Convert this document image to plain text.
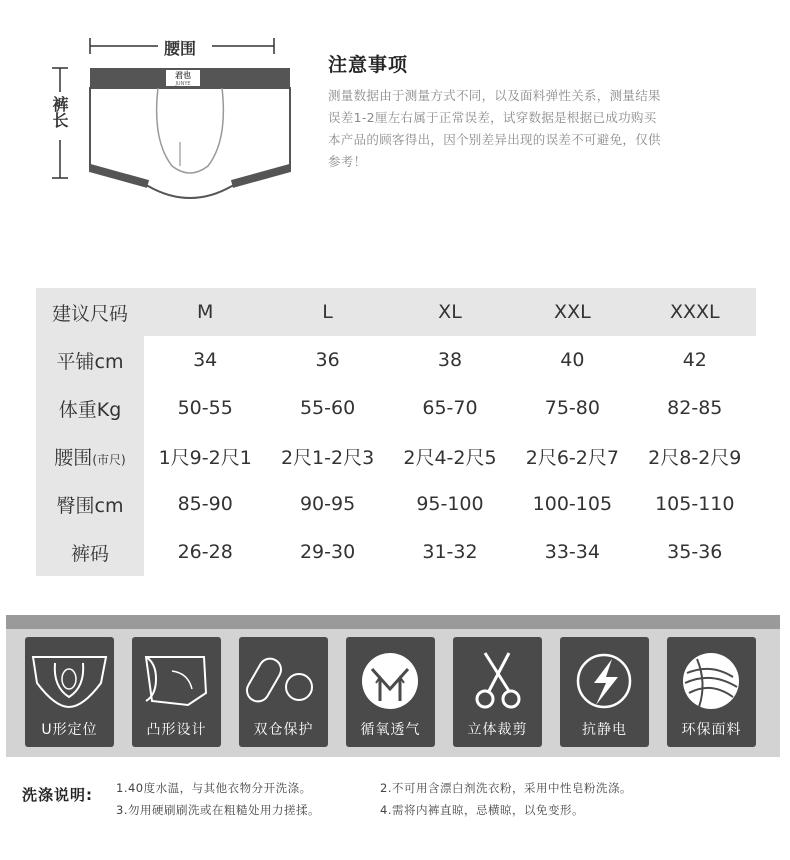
腰围
裤长
君也
JUNYE
注意事项
测量数据由于测量方式不同，以及面料弹性关系，测量结果
误差1-2厘左右属于正常误差，试穿数据是根据已成功购买
本产品的顾客得出，因个别差异出现的误差不可避免，仅供
参考！
建议尺码	M	L	XL	XXL	XXXL
平铺cm	34	36	38	40	42
体重Kg	50-55	55-60	65-70	75-80	82-85
腰围(市尺)	1尺9-2尺1	2尺1-2尺3	2尺4-2尺5	2尺6-2尺7	2尺8-2尺9
臀围cm	85-90	90-95	95-100	100-105	105-110
裤码	26-28	29-30	31-32	33-34	35-36
U形定位	凸形设计	双仓保护	循氧透气	立体裁剪	抗静电	环保面料
洗涤说明: 1.40度水温，与其他衣物分开洗涤。	2.不可用含漂白剂洗衣粉，采用中性皂粉洗涤。
3.勿用硬刷刷洗或在粗糙处用力搓揉。	4.需将内裤直晾，忌横晾，以免变形。
